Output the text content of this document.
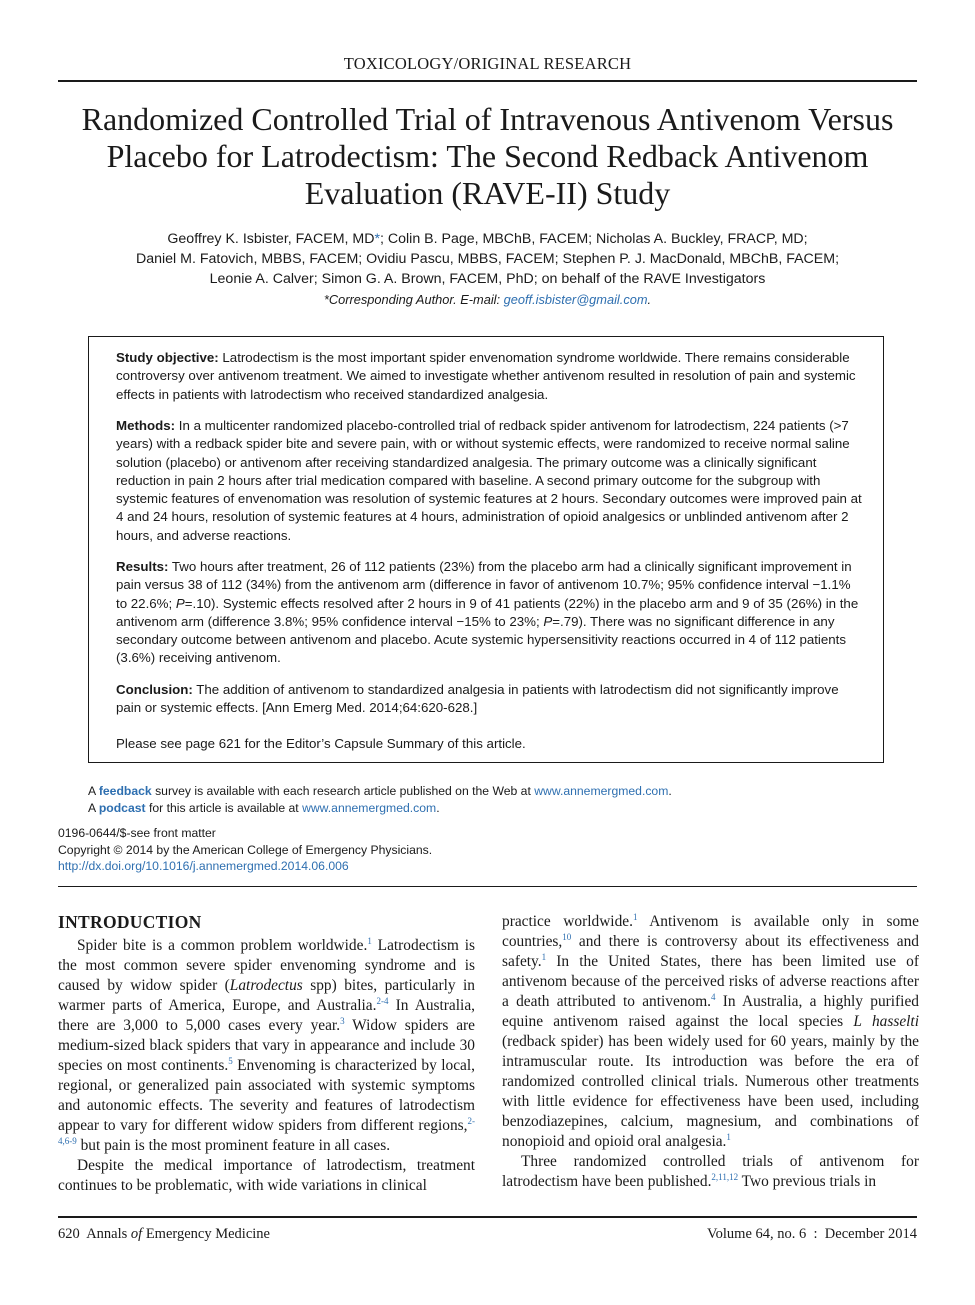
TOXICOLOGY/ORIGINAL RESEARCH
Randomized Controlled Trial of Intravenous Antivenom Versus Placebo for Latrodectism: The Second Redback Antivenom Evaluation (RAVE-II) Study
Geoffrey K. Isbister, FACEM, MD*; Colin B. Page, MBChB, FACEM; Nicholas A. Buckley, FRACP, MD;
Daniel M. Fatovich, MBBS, FACEM; Ovidiu Pascu, MBBS, FACEM; Stephen P. J. MacDonald, MBChB, FACEM;
Leonie A. Calver; Simon G. A. Brown, FACEM, PhD; on behalf of the RAVE Investigators
*Corresponding Author. E-mail: geoff.isbister@gmail.com.

Study objective: Latrodectism is the most important spider envenomation syndrome worldwide. There remains considerable controversy over antivenom treatment. We aimed to investigate whether antivenom resulted in resolution of pain and systemic effects in patients with latrodectism who received standardized analgesia.

Methods: In a multicenter randomized placebo-controlled trial of redback spider antivenom for latrodectism, 224 patients (>7 years) with a redback spider bite and severe pain, with or without systemic effects, were randomized to receive normal saline solution (placebo) or antivenom after receiving standardized analgesia. The primary outcome was a clinically significant reduction in pain 2 hours after trial medication compared with baseline. A second primary outcome for the subgroup with systemic features of envenomation was resolution of systemic features at 2 hours. Secondary outcomes were improved pain at 4 and 24 hours, resolution of systemic features at 4 hours, administration of opioid analgesics or unblinded antivenom after 2 hours, and adverse reactions.

Results: Two hours after treatment, 26 of 112 patients (23%) from the placebo arm had a clinically significant improvement in pain versus 38 of 112 (34%) from the antivenom arm (difference in favor of antivenom 10.7%; 95% confidence interval −1.1% to 22.6%; P=.10). Systemic effects resolved after 2 hours in 9 of 41 patients (22%) in the placebo arm and 9 of 35 (26%) in the antivenom arm (difference 3.8%; 95% confidence interval −15% to 23%; P=.79). There was no significant difference in any secondary outcome between antivenom and placebo. Acute systemic hypersensitivity reactions occurred in 4 of 112 patients (3.6%) receiving antivenom.

Conclusion: The addition of antivenom to standardized analgesia in patients with latrodectism did not significantly improve pain or systemic effects. [Ann Emerg Med. 2014;64:620-628.]

Please see page 621 for the Editor’s Capsule Summary of this article.

A feedback survey is available with each research article published on the Web at www.annemergmed.com.
A podcast for this article is available at www.annemergmed.com.
0196-0644/$-see front matter
Copyright © 2014 by the American College of Emergency Physicians.
http://dx.doi.org/10.1016/j.annemergmed.2014.06.006
INTRODUCTION

Spider bite is a common problem worldwide.$^1$ Latrodectism is the most common severe spider envenoming syndrome and is caused by widow spider (Latrodectus spp) bites, particularly in warmer parts of America, Europe, and Australia.$^{2-4}$ In Australia, there are 3,000 to 5,000 cases every year.$^3$ Widow spiders are medium-sized black spiders that vary in appearance and include 30 species on most continents.$^5$ Envenoming is characterized by local, regional, or generalized pain associated with systemic symptoms and autonomic effects. The severity and features of latrodectism appear to vary for different widow spiders from different regions,$^{2-4,6-9}$ but pain is the most prominent feature in all cases.

Despite the medical importance of latrodectism, treatment continues to be problematic, with wide variations in clinical

practice worldwide.$^1$ Antivenom is available only in some countries,$^{10}$ and there is controversy about its effectiveness and safety.$^1$ In the United States, there has been limited use of antivenom because of the perceived risks of adverse reactions after a death attributed to antivenom.$^4$ In Australia, a highly purified equine antivenom raised against the local species L hasselti (redback spider) has been widely used for 60 years, mainly by the intramuscular route. Its introduction was before the era of randomized controlled clinical trials. Numerous other treatments with little evidence for effectiveness have been used, including benzodiazepines, calcium, magnesium, and combinations of nonopioid and opioid oral analgesia.$^1$

Three randomized controlled trials of antivenom for latrodectism have been published.$^{2,11,12}$ Two previous trials in

620 Annals of Emergency Medicine	Volume 64, no. 6 : December 2014
